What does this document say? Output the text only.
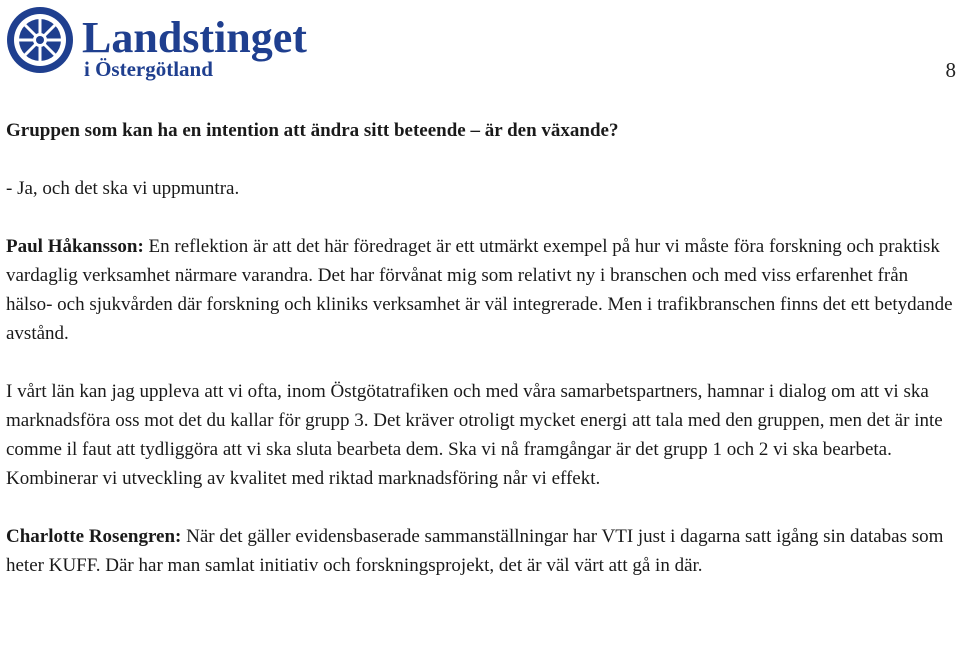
Landstinget
i Östergötland	8

Gruppen som kan ha en intention att ändra sitt beteende – är den växande?

- Ja, och det ska vi uppmuntra.

Paul Håkansson: En reflektion är att det här föredraget är ett utmärkt exempel på hur vi måste föra forskning och praktisk vardaglig verksamhet närmare varandra. Det har förvånat mig som relativt ny i branschen och med viss erfarenhet från hälso- och sjukvården där forskning och kliniks verksamhet är väl integrerade. Men i trafikbranschen finns det ett betydande avstånd.

I vårt län kan jag uppleva att vi ofta, inom Östgötatrafiken och med våra samarbetspartners, hamnar i dialog om att vi ska marknadsföra oss mot det du kallar för grupp 3. Det kräver otroligt mycket energi att tala med den gruppen, men det är inte comme il faut att tydliggöra att vi ska sluta bearbeta dem. Ska vi nå framgångar är det grupp 1 och 2 vi ska bearbeta. Kombinerar vi utveckling av kvalitet med riktad marknadsföring når vi effekt.

Charlotte Rosengren: När det gäller evidensbaserade sammanställningar har VTI just i dagarna satt igång sin databas som heter KUFF. Där har man samlat initiativ och forskningsprojekt, det är väl värt att gå in där.
